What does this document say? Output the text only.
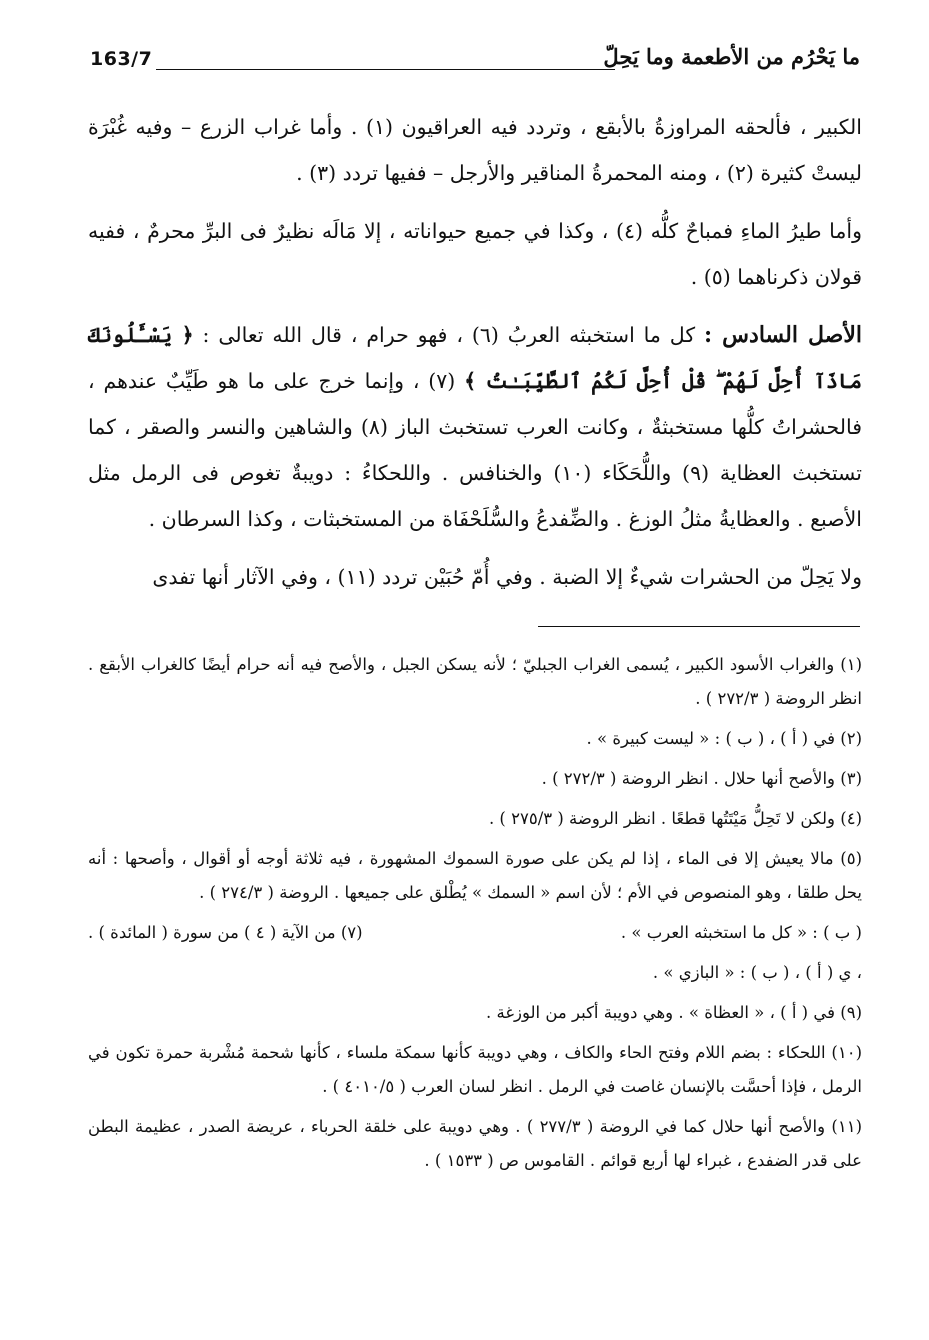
163/7	ما يَحْرُم من الأطعمة وما يَحِلّ

الكبير ، فألحقه المراوزةُ بالأبقع ، وتردد فيه العراقيون (١) . وأما غراب الزرع – وفيه غُبْرَة ليستْ كثيرة (٢) ، ومنه المحمرةُ المناقير والأرجل – ففيها تردد (٣) .

وأما طيرُ الماءِ فمباحٌ كلُّه (٤) ، وكذا في جميع حيواناته ، إلا مَالَه نظيرٌ فى البرِّ محرمٌ ، ففيه قولان ذكرناهما (٥) .

الأصل السادس : كل ما استخبثه العربُ (٦) ، فهو حرام ، قال الله تعالى : ﴿ يَسْـَٔلُونَكَ مَاذَآ أُحِلَّ لَهُمْ ۖ قُلْ أُحِلَّ لَكُمُ ٱلطَّيِّبَـٰتُ ﴾ (٧) ، وإنما خرج على ما هو طَيِّبٌ عندهم ، فالحشراتُ كلُّها مستخبثةٌ ، وكانت العرب تستخبث الباز (٨) والشاهين والنسر والصقر ، كما تستخبث العظاية (٩) واللُّحَكَاء (١٠) والخنافس . واللحكاءُ : دويبةٌ تغوص فى الرمل مثل الأصبع . والعظايةُ مثلُ الوزغ . والضِّفدعُ والسُّلَحْفَاة من المستخبثات ، وكذا السرطان .

ولا يَحِلّ من الحشرات شيءٌ إلا الضبة . وفي أُمّ حُبَيْن تردد (١١) ، وفي الآثار أنها تفدى

(١) والغراب الأسود الكبير ، يُسمى الغراب الجبليّ ؛ لأنه يسكن الجبل ، والأصح فيه أنه حرام أيضًا كالغراب الأبقع . انظر الروضة ( ٢٧٢/٣ ) .
(٢) في ( أ ) ، ( ب ) : « ليست كبيرة » .
(٣) والأصح أنها حلال . انظر الروضة ( ٢٧٢/٣ ) .
(٤) ولكن لا تَحِلُّ مَيْتَتُها قطعًا . انظر الروضة ( ٢٧٥/٣ ) .
(٥) مالا يعيش إلا فى الماء ، إذا لم يكن على صورة السموك المشهورة ، فيه ثلاثة أوجه أو أقوال ، وأصحها : أنه يحل طلقا ، وهو المنصوص في الأم ؛ لأن اسم « السمك » يُطْلق على جميعها . الروضة ( ٢٧٤/٣ ) .
( ب ) : « كل ما استخبثه العرب » .
(٧) من الآية ( ٤ ) من سورة ( المائدة ) .
، ي ( أ ) ، ( ب ) : « البازي » .
(٩) في ( أ ) ، « العظاة » . وهي دويبة أكبر من الوزغة .
(١٠) اللحكاء : بضم اللام وفتح الحاء والكاف ، وهي دويبة كأنها سمكة ملساء ، كأنها شحمة مُشْربة حمرة تكون في الرمل ، فإذا أحسَّت بالإنسان غاصت في الرمل . انظر لسان العرب ( ٤٠١٠/٥ ) .
(١١) والأصح أنها حلال كما في الروضة ( ٢٧٧/٣ ) . وهي دويبة على خلقة الحرباء ، عريضة الصدر ، عظيمة البطن على قدر الضفدع ، غبراء لها أربع قوائم . القاموس ص ( ١٥٣٣ ) .
